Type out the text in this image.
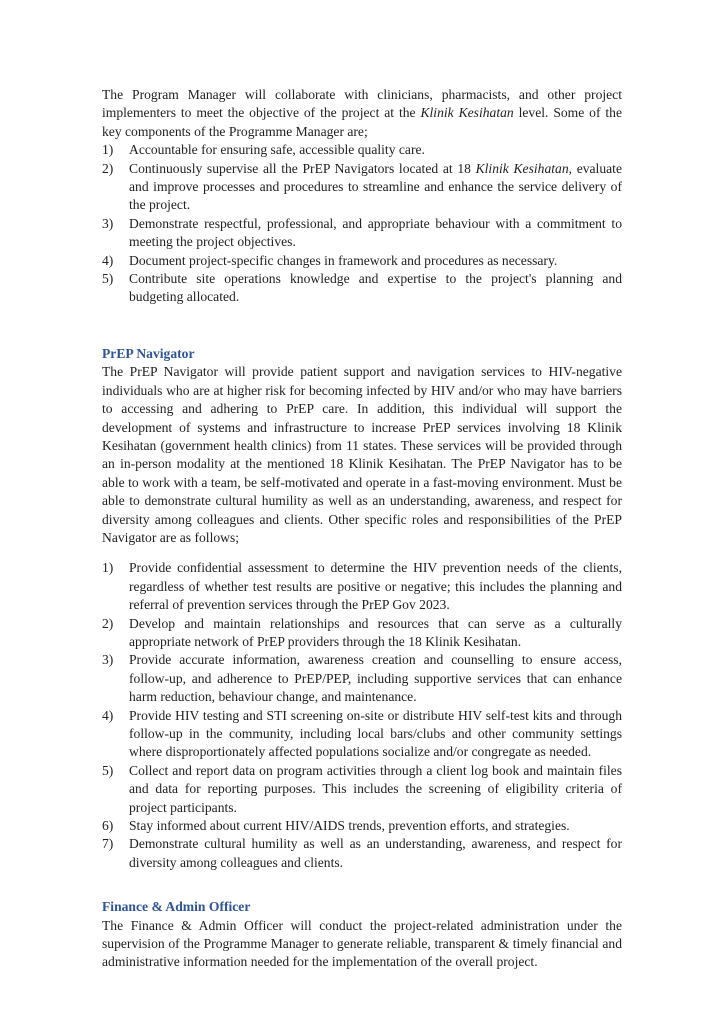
The Program Manager will collaborate with clinicians, pharmacists, and other project implementers to meet the objective of the project at the Klinik Kesihatan level. Some of the key components of the Programme Manager are;

1)	Accountable for ensuring safe, accessible quality care.
2)	Continuously supervise all the PrEP Navigators located at 18 Klinik Kesihatan, evaluate and improve processes and procedures to streamline and enhance the service delivery of the project.
3)	Demonstrate respectful, professional, and appropriate behaviour with a commitment to meeting the project objectives.
4)	Document project-specific changes in framework and procedures as necessary.
5)	Contribute site operations knowledge and expertise to the project's planning and budgeting allocated.
PrEP Navigator

The PrEP Navigator will provide patient support and navigation services to HIV-negative individuals who are at higher risk for becoming infected by HIV and/or who may have barriers to accessing and adhering to PrEP care. In addition, this individual will support the development of systems and infrastructure to increase PrEP services involving 18 Klinik Kesihatan (government health clinics) from 11 states. These services will be provided through an in-person modality at the mentioned 18 Klinik Kesihatan. The PrEP Navigator has to be able to work with a team, be self-motivated and operate in a fast-moving environment. Must be able to demonstrate cultural humility as well as an understanding, awareness, and respect for diversity among colleagues and clients. Other specific roles and responsibilities of the PrEP Navigator are as follows;

1)	Provide confidential assessment to determine the HIV prevention needs of the clients, regardless of whether test results are positive or negative; this includes the planning and referral of prevention services through the PrEP Gov 2023.
2)	Develop and maintain relationships and resources that can serve as a culturally appropriate network of PrEP providers through the 18 Klinik Kesihatan.
3)	Provide accurate information, awareness creation and counselling to ensure access, follow-up, and adherence to PrEP/PEP, including supportive services that can enhance harm reduction, behaviour change, and maintenance.
4)	Provide HIV testing and STI screening on-site or distribute HIV self-test kits and through follow-up in the community, including local bars/clubs and other community settings where disproportionately affected populations socialize and/or congregate as needed.
5)	Collect and report data on program activities through a client log book and maintain files and data for reporting purposes. This includes the screening of eligibility criteria of project participants.
6)	Stay informed about current HIV/AIDS trends, prevention efforts, and strategies.
7)	Demonstrate cultural humility as well as an understanding, awareness, and respect for diversity among colleagues and clients.
Finance & Admin Officer

The Finance & Admin Officer will conduct the project-related administration under the supervision of the Programme Manager to generate reliable, transparent & timely financial and administrative information needed for the implementation of the overall project.
